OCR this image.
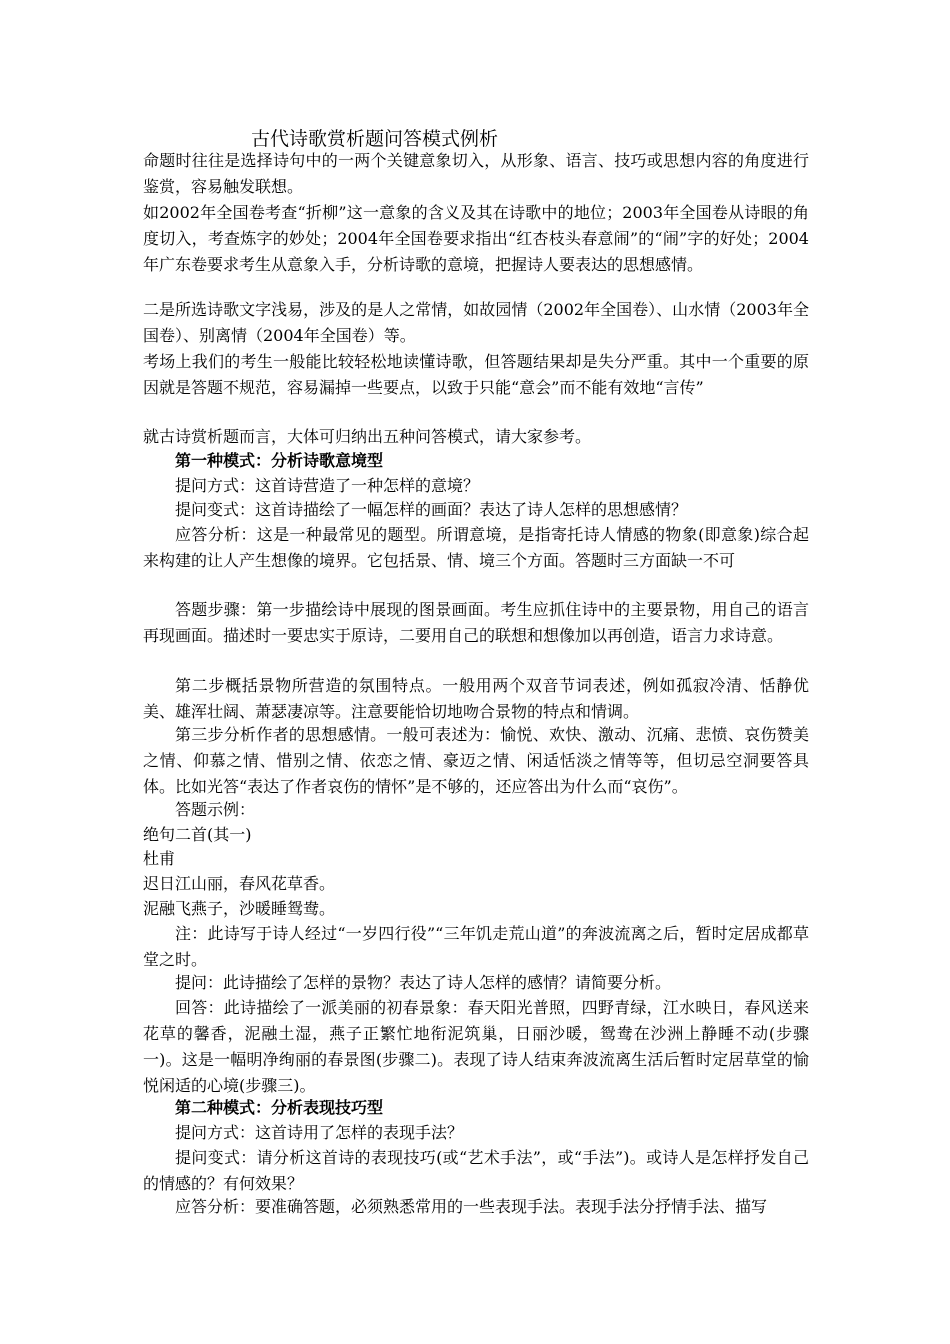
古代诗歌赏析题问答模式例析
命题时往往是选择诗句中的一两个关键意象切入，从形象、语言、技巧或思想内容的角度进行鉴赏，容易触发联想。
如2002年全国卷考查“折柳”这一意象的含义及其在诗歌中的地位；2003年全国卷从诗眼的角度切入，考查炼字的妙处；2004年全国卷要求指出“红杏枝头春意闹”的“闹”字的好处；2004年广东卷要求考生从意象入手，分析诗歌的意境，把握诗人要表达的思想感情。
二是所选诗歌文字浅易，涉及的是人之常情，如故园情（2002年全国卷）、山水情（2003年全国卷）、别离情（2004年全国卷）等。
考场上我们的考生一般能比较轻松地读懂诗歌，但答题结果却是失分严重。其中一个重要的原因就是答题不规范，容易漏掉一些要点，以致于只能“意会”而不能有效地“言传”
就古诗赏析题而言，大体可归纳出五种问答模式，请大家参考。
第一种模式：分析诗歌意境型
提问方式：这首诗营造了一种怎样的意境？
提问变式：这首诗描绘了一幅怎样的画面？表达了诗人怎样的思想感情？
应答分析：这是一种最常见的题型。所谓意境，是指寄托诗人情感的物象(即意象)综合起来构建的让人产生想像的境界。它包括景、情、境三个方面。答题时三方面缺一不可
答题步骤：第一步描绘诗中展现的图景画面。考生应抓住诗中的主要景物，用自己的语言再现画面。描述时一要忠实于原诗，二要用自己的联想和想像加以再创造，语言力求诗意。
第二步概括景物所营造的氛围特点。一般用两个双音节词表述，例如孤寂冷清、恬静优美、雄浑壮阔、萧瑟凄凉等。注意要能恰切地吻合景物的特点和情调。
第三步分析作者的思想感情。一般可表述为：愉悦、欢快、激动、沉痛、悲愤、哀伤赞美之情、仰慕之情、惜别之情、依恋之情、豪迈之情、闲适恬淡之情等等，但切忌空洞要答具体。比如光答“表达了作者哀伤的情怀”是不够的，还应答出为什么而“哀伤”。
答题示例：
绝句二首(其一)
杜甫
迟日江山丽，春风花草香。
泥融飞燕子，沙暖睡鸳鸯。
注：此诗写于诗人经过“一岁四行役”“三年饥走荒山道”的奔波流离之后，暂时定居成都草堂之时。
提问：此诗描绘了怎样的景物？表达了诗人怎样的感情？请简要分析。
回答：此诗描绘了一派美丽的初春景象：春天阳光普照，四野青绿，江水映日，春风送来花草的馨香，泥融土湿，燕子正繁忙地衔泥筑巢，日丽沙暖，鸳鸯在沙洲上静睡不动(步骤一)。这是一幅明净绚丽的春景图(步骤二)。表现了诗人结束奔波流离生活后暂时定居草堂的愉悦闲适的心境(步骤三)。
第二种模式：分析表现技巧型
提问方式：这首诗用了怎样的表现手法？
提问变式：请分析这首诗的表现技巧(或“艺术手法”，或“手法”)。或诗人是怎样抒发自己的情感的？有何效果？
应答分析：要准确答题，必须熟悉常用的一些表现手法。表现手法分抒情手法、描写
